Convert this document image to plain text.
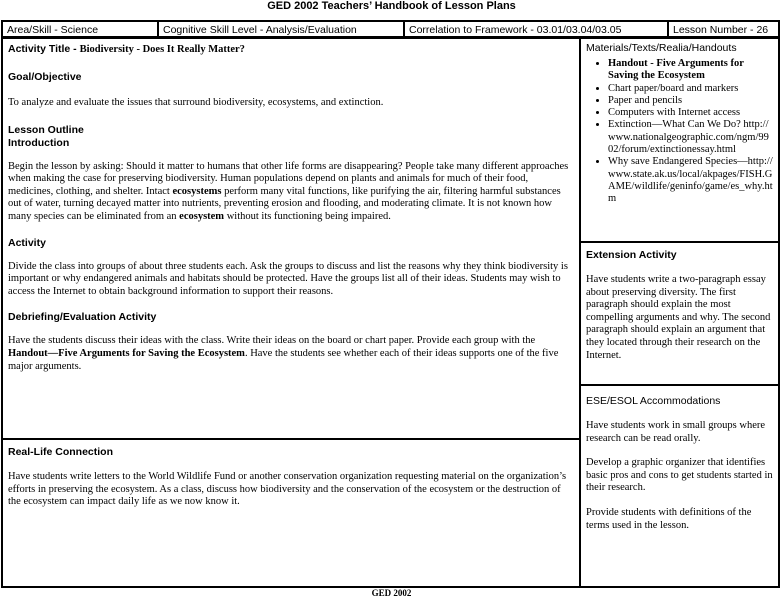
GED 2002 Teachers’ Handbook of Lesson Plans
Area/Skill - Science	Cognitive Skill Level - Analysis/Evaluation	Correlation to Framework - 03.01/03.04/03.05	Lesson Number - 26

Activity Title - Biodiversity - Does It Really Matter?

Goal/Objective

To analyze and evaluate the issues that surround biodiversity, ecosystems, and extinction.

Lesson Outline

Introduction

Begin the lesson by asking: Should it matter to humans that other life forms are disappearing? People take many different approaches when making the case for preserving biodiversity. Human populations depend on plants and animals for much of their food, medicines, clothing, and shelter. Intact ecosystems perform many vital functions, like purifying the air, filtering harmful substances out of water, turning decayed matter into nutrients, preventing erosion and flooding, and moderating climate. It is not known how many species can be eliminated from an ecosystem without its functioning being impaired.

Activity

Divide the class into groups of about three students each. Ask the groups to discuss and list the reasons why they think biodiversity is important or why endangered animals and habitats should be protected. Have the groups list all of their ideas. Students may wish to access the Internet to obtain background information to support their reasons.

Debriefing/Evaluation Activity

Have the students discuss their ideas with the class. Write their ideas on the board or chart paper. Provide each group with the Handout—Five Arguments for Saving the Ecosystem. Have the students see whether each of their ideas supports one of the five major arguments.

Real-Life Connection

Have students write letters to the World Wildlife Fund or another conservation organization requesting material on the organization’s efforts in preserving the ecosystem. As a class, discuss how biodiversity and the conservation of the ecosystem or the destruction of the ecosystem can impact daily life as we now know it.

Materials/Texts/Realia/Handouts

• Handout - Five Arguments for Saving the Ecosystem
• Chart paper/board and markers
• Paper and pencils
• Computers with Internet access
• Extinction—What Can We Do? http://www.nationalgeographic.com/ngm/9902/forum/extinctionessay.html
• Why save Endangered Species—http://www.state.ak.us/local/akpages/FISH.GAME/wildlife/geninfo/game/es_why.htm

Extension Activity

Have students write a two-paragraph essay about preserving diversity. The first paragraph should explain the most compelling arguments and why. The second paragraph should explain an argument that they located through their research on the Internet.

ESE/ESOL Accommodations

Have students work in small groups where research can be read orally.

Develop a graphic organizer that identifies basic pros and cons to get students started in their research.

Provide students with definitions of the terms used in the lesson.

GED 2002
